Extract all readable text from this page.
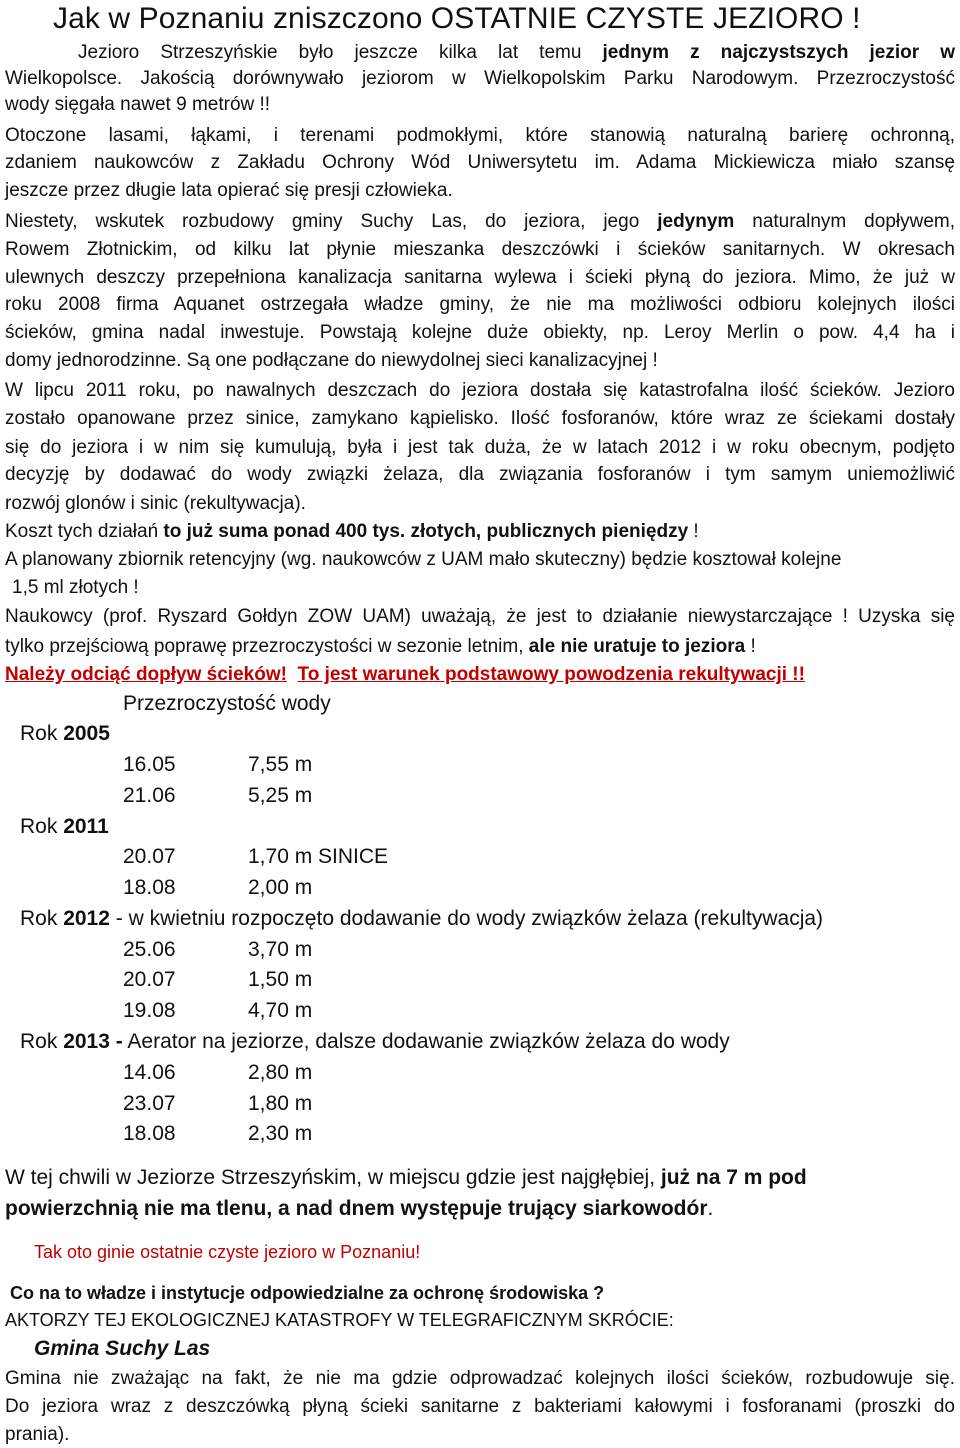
Jak w Poznaniu zniszczono OSTATNIE CZYSTE JEZIORO !
Jezioro Strzeszyńskie było jeszcze kilka lat temu jednym z najczystszych jezior w
Wielkopolsce. Jakością dorównywało jeziorom w Wielkopolskim Parku Narodowym. Przezroczystość
wody sięgała nawet 9 metrów !!
Otoczone lasami, łąkami, i terenami podmokłymi, które stanowią naturalną barierę ochronną,
zdaniem naukowców z Zakładu Ochrony Wód Uniwersytetu im. Adama Mickiewicza miało szansę
jeszcze przez długie lata opierać się presji człowieka.
Niestety, wskutek rozbudowy gminy Suchy Las, do jeziora, jego jedynym naturalnym dopływem,
Rowem Złotnickim, od kilku lat płynie mieszanka deszczówki i ścieków sanitarnych. W okresach
ulewnych deszczy przepełniona kanalizacja sanitarna wylewa i ścieki płyną do jeziora. Mimo, że już w
roku 2008 firma Aquanet ostrzegała władze gminy, że nie ma możliwości odbioru kolejnych ilości
ścieków, gmina nadal inwestuje. Powstają kolejne duże obiekty, np. Leroy Merlin o pow. 4,4 ha i
domy jednorodzinne. Są one podłączane do niewydolnej sieci kanalizacyjnej !
W lipcu 2011 roku, po nawalnych deszczach do jeziora dostała się katastrofalna ilość ścieków. Jezioro
zostało opanowane przez sinice, zamykano kąpielisko. Ilość fosforanów, które wraz ze ściekami dostały
się do jeziora i w nim się kumulują, była i jest tak duża, że w latach 2012 i w roku obecnym, podjęto
decyzję by dodawać do wody związki żelaza, dla związania fosforanów i tym samym uniemożliwić
rozwój glonów i sinic (rekultywacja).
Koszt tych działań to już suma ponad 400 tys. złotych, publicznych pieniędzy !
A planowany zbiornik retencyjny (wg. naukowców z UAM mało skuteczny) będzie kosztował kolejne
1,5 ml złotych !
Naukowcy (prof. Ryszard Gołdyn ZOW UAM) uważają, że jest to działanie niewystarczające ! Uzyska się
tylko przejściową poprawę przezroczystości w sezonie letnim, ale nie uratuje to jeziora !
Należy odciąć dopływ ścieków! To jest warunek podstawowy powodzenia rekultywacji !!
Przezroczystość wody
Rok 2005
16.05	7,55 m
21.06	5,25 m
Rok 2011
20.07	1,70 m SINICE
18.08	2,00 m
Rok 2012 - w kwietniu rozpoczęto dodawanie do wody związków żelaza (rekultywacja)
25.06	3,70 m
20.07	1,50 m
19.08	4,70 m
Rok 2013 - Aerator na jeziorze, dalsze dodawanie związków żelaza do wody
14.06	2,80 m
23.07	1,80 m
18.08	2,30 m
W tej chwili w Jeziorze Strzeszyńskim, w miejscu gdzie jest najgłębiej, już na 7 m pod
powierzchnią nie ma tlenu, a nad dnem występuje trujący siarkowodór.
Tak oto ginie ostatnie czyste jezioro w Poznaniu!
Co na to władze i instytucje odpowiedzialne za ochronę środowiska ?
AKTORZY TEJ EKOLOGICZNEJ KATASTROFY W TELEGRAFICZNYM SKRÓCIE:
Gmina Suchy Las
Gmina nie zważając na fakt, że nie ma gdzie odprowadzać kolejnych ilości ścieków, rozbudowuje się.
Do jeziora wraz z deszczówką płyną ścieki sanitarne z bakteriami kałowymi i fosforanami (proszki do
prania).
